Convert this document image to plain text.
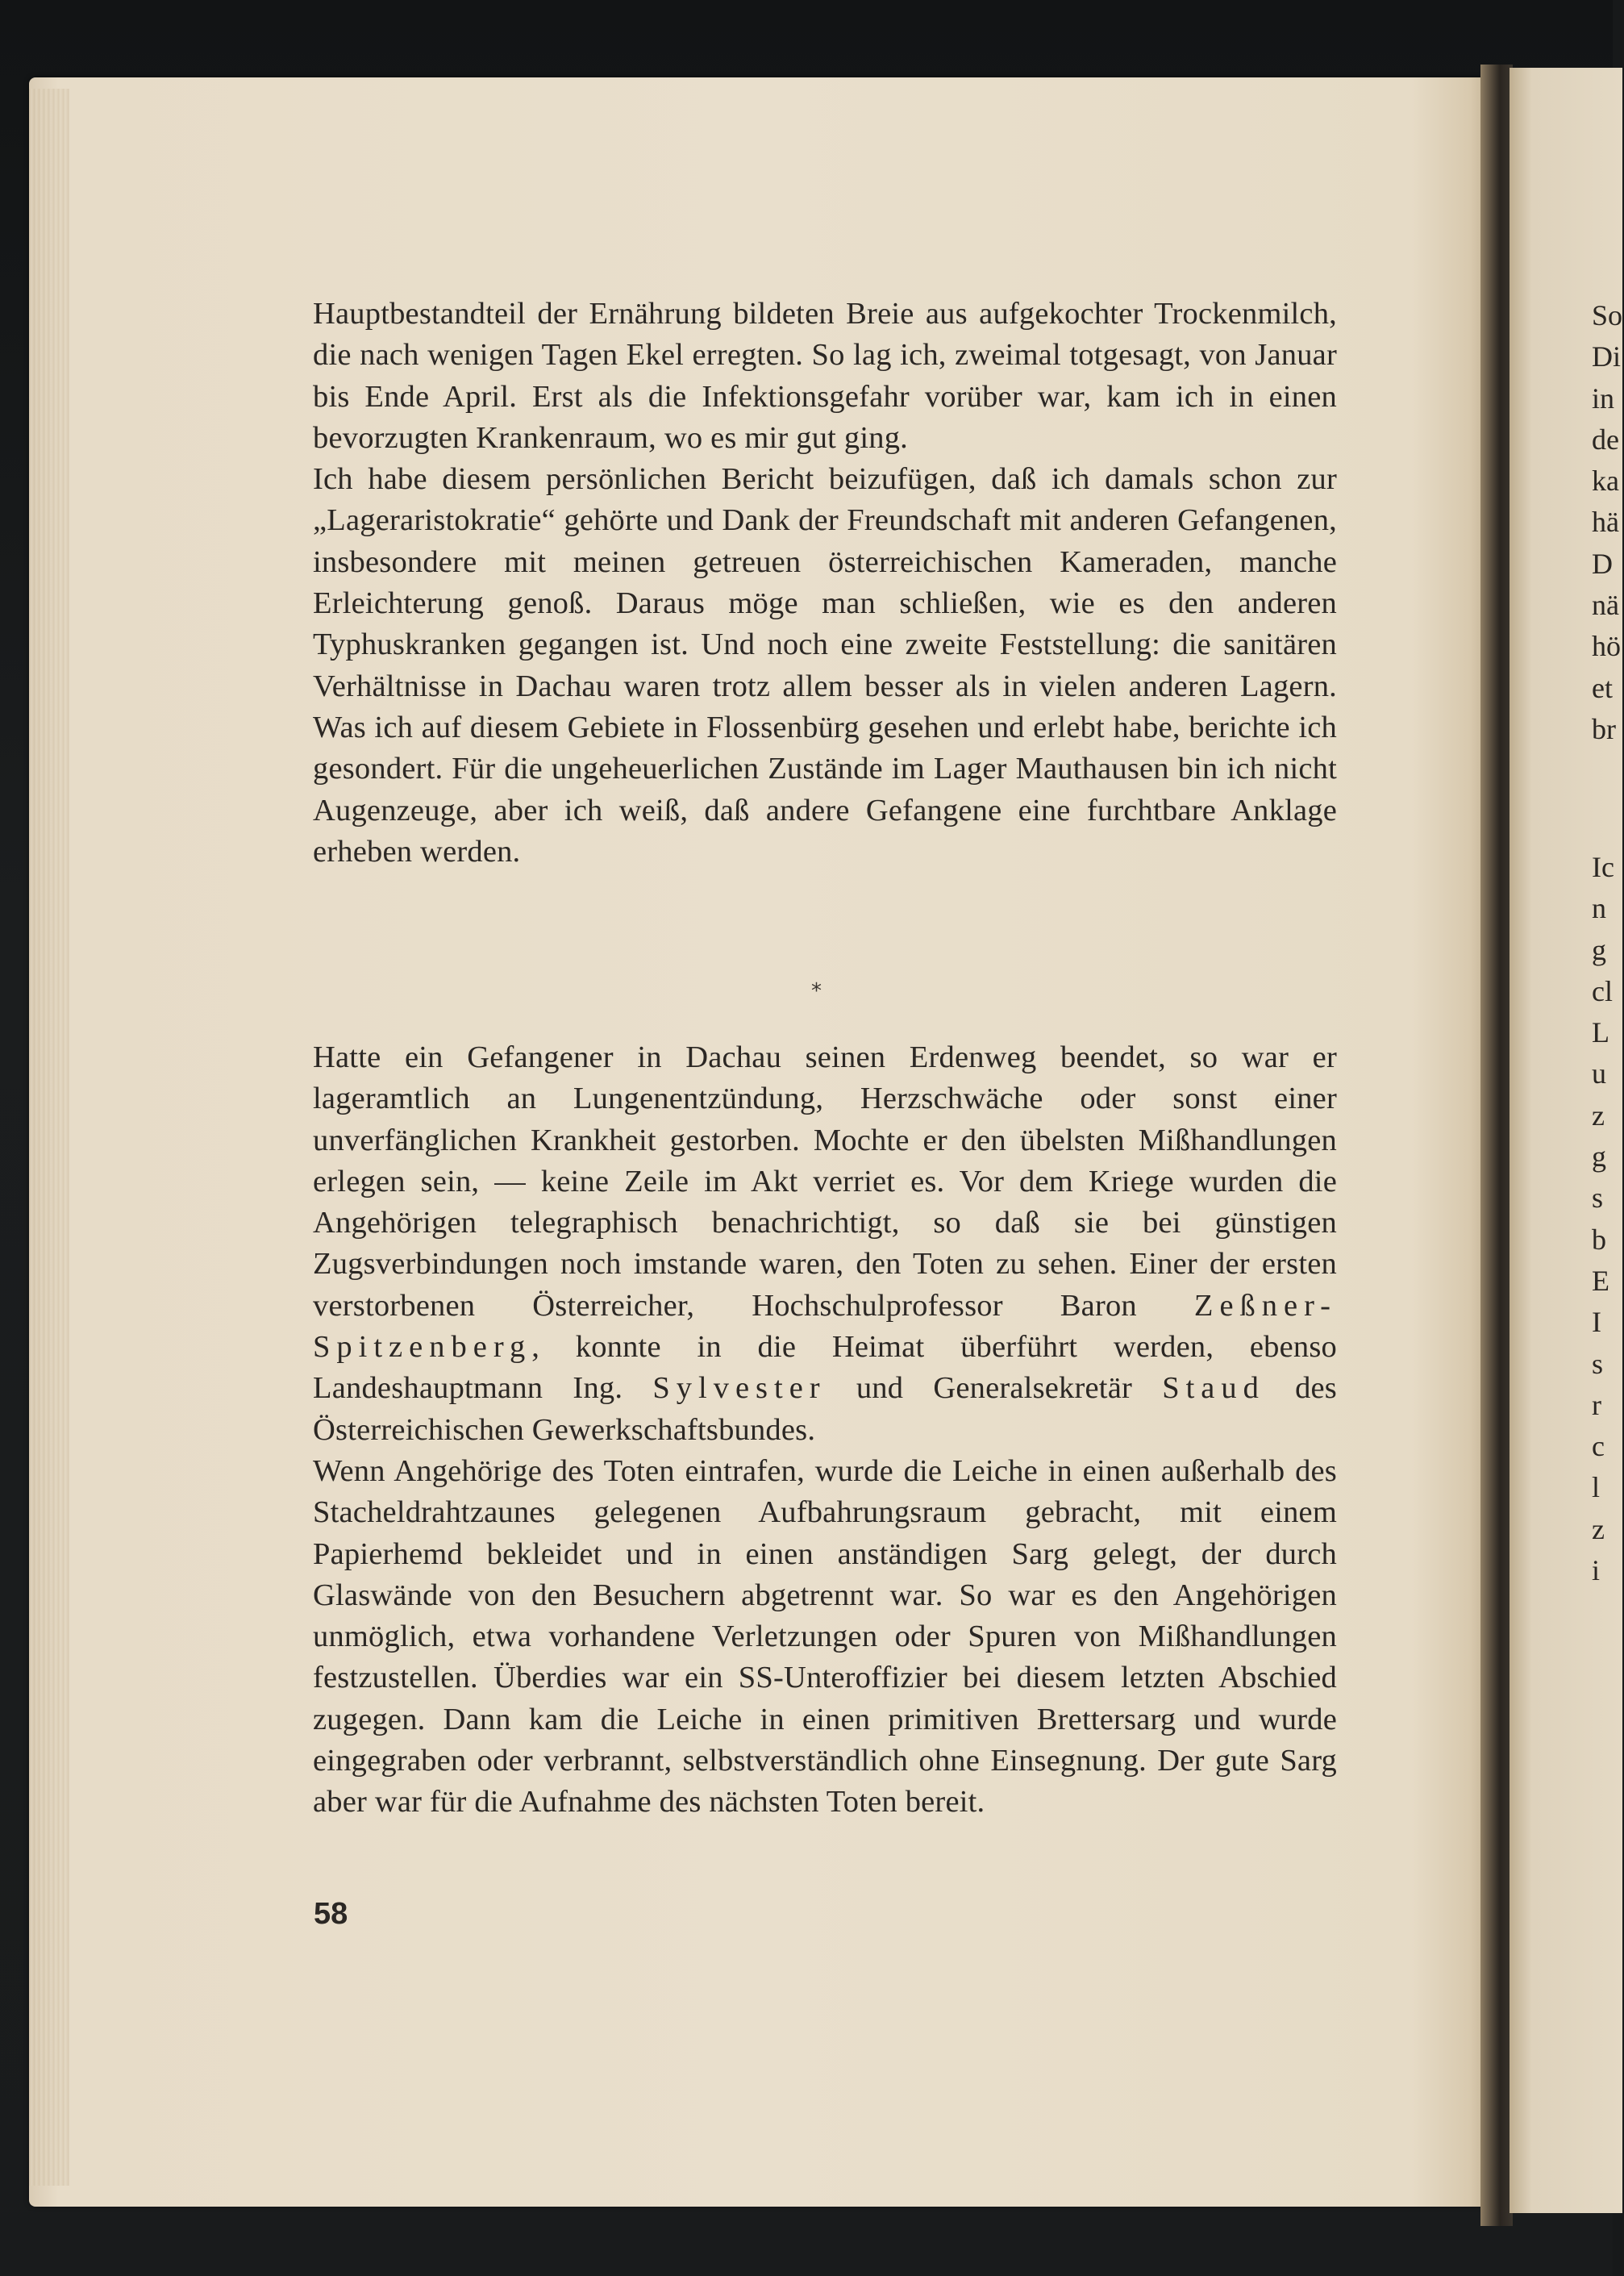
So
Di
in
de
ka
hä
D
nä
hö
et
br
Ic
n
g
cl
L
u
z
g
s
b
E
I
s
r
c
l
z
i

Hauptbestandteil der Ernährung bildeten Breie aus aufgekochter Trockenmilch, die nach wenigen Tagen Ekel erregten. So lag ich, zweimal totgesagt, von Januar bis Ende April. Erst als die Infektionsgefahr vorüber war, kam ich in einen bevorzugten Krankenraum, wo es mir gut ging.

Ich habe diesem persönlichen Bericht beizufügen, daß ich damals schon zur „Lageraristokratie“ gehörte und Dank der Freundschaft mit anderen Gefangenen, insbesondere mit meinen getreuen österreichischen Kameraden, manche Erleichterung genoß. Daraus möge man schließen, wie es den anderen Typhuskranken gegangen ist. Und noch eine zweite Feststellung: die sanitären Verhältnisse in Dachau waren trotz allem besser als in vielen anderen Lagern. Was ich auf diesem Gebiete in Flossenbürg gesehen und erlebt habe, berichte ich gesondert. Für die ungeheuerlichen Zustände im Lager Mauthausen bin ich nicht Augenzeuge, aber ich weiß, daß andere Gefangene eine furchtbare Anklage erheben werden.

*

Hatte ein Gefangener in Dachau seinen Erdenweg beendet, so war er lageramtlich an Lungenentzündung, Herzschwäche oder sonst einer unverfänglichen Krankheit gestorben. Mochte er den übelsten Mißhandlungen erlegen sein, — keine Zeile im Akt verriet es. Vor dem Kriege wurden die Angehörigen telegraphisch benachrichtigt, so daß sie bei günstigen Zugsverbindungen noch imstande waren, den Toten zu sehen. Einer der ersten verstorbenen Österreicher, Hochschulprofessor Baron Zeßner-Spitzenberg, konnte in die Heimat überführt werden, ebenso Landeshauptmann Ing. Sylvester und Generalsekretär Staud des Österreichischen Gewerkschaftsbundes.

Wenn Angehörige des Toten eintrafen, wurde die Leiche in einen außerhalb des Stacheldrahtzaunes gelegenen Aufbahrungsraum gebracht, mit einem Papierhemd bekleidet und in einen anständigen Sarg gelegt, der durch Glaswände von den Besuchern abgetrennt war. So war es den Angehörigen unmöglich, etwa vorhandene Verletzungen oder Spuren von Mißhandlungen festzustellen. Überdies war ein SS-Unteroffizier bei diesem letzten Abschied zugegen. Dann kam die Leiche in einen primitiven Brettersarg und wurde eingegraben oder verbrannt, selbstverständlich ohne Einsegnung. Der gute Sarg aber war für die Aufnahme des nächsten Toten bereit.

58
